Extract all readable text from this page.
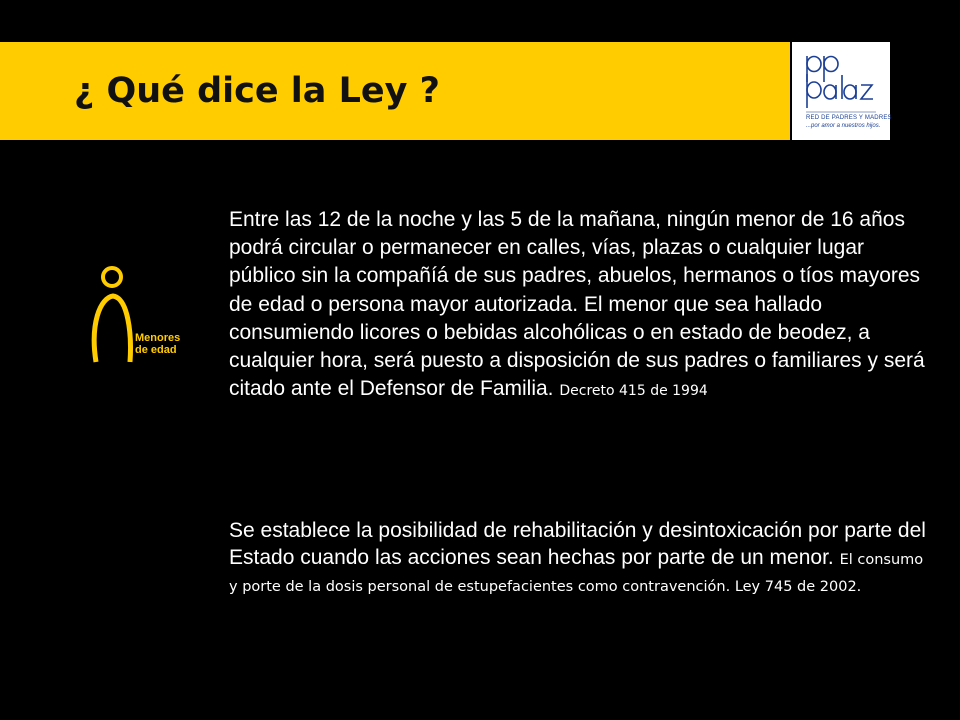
¿ Qué dice la Ley ?
RED DE PADRES Y MADRES
...por amor a nuestros hijos.
Menores
de edad

Entre las 12 de la noche y las 5 de la mañana, ningún menor de 16 años podrá circular o permanecer en calles, vías, plazas o cualquier lugar público sin la compañíá de sus padres, abuelos, hermanos o tíos mayores de edad o persona mayor autorizada. El menor que sea hallado consumiendo licores o bebidas alcohólicas o en estado de beodez, a cualquier hora, será puesto a disposición de sus padres o familiares y será citado ante el Defensor de Familia. Decreto 415 de 1994

Se establece la posibilidad de rehabilitación y desintoxicación por parte del Estado cuando las acciones sean hechas por parte de un menor. El consumo y porte de la dosis personal de estupefacientes como contravención. Ley 745 de 2002.
